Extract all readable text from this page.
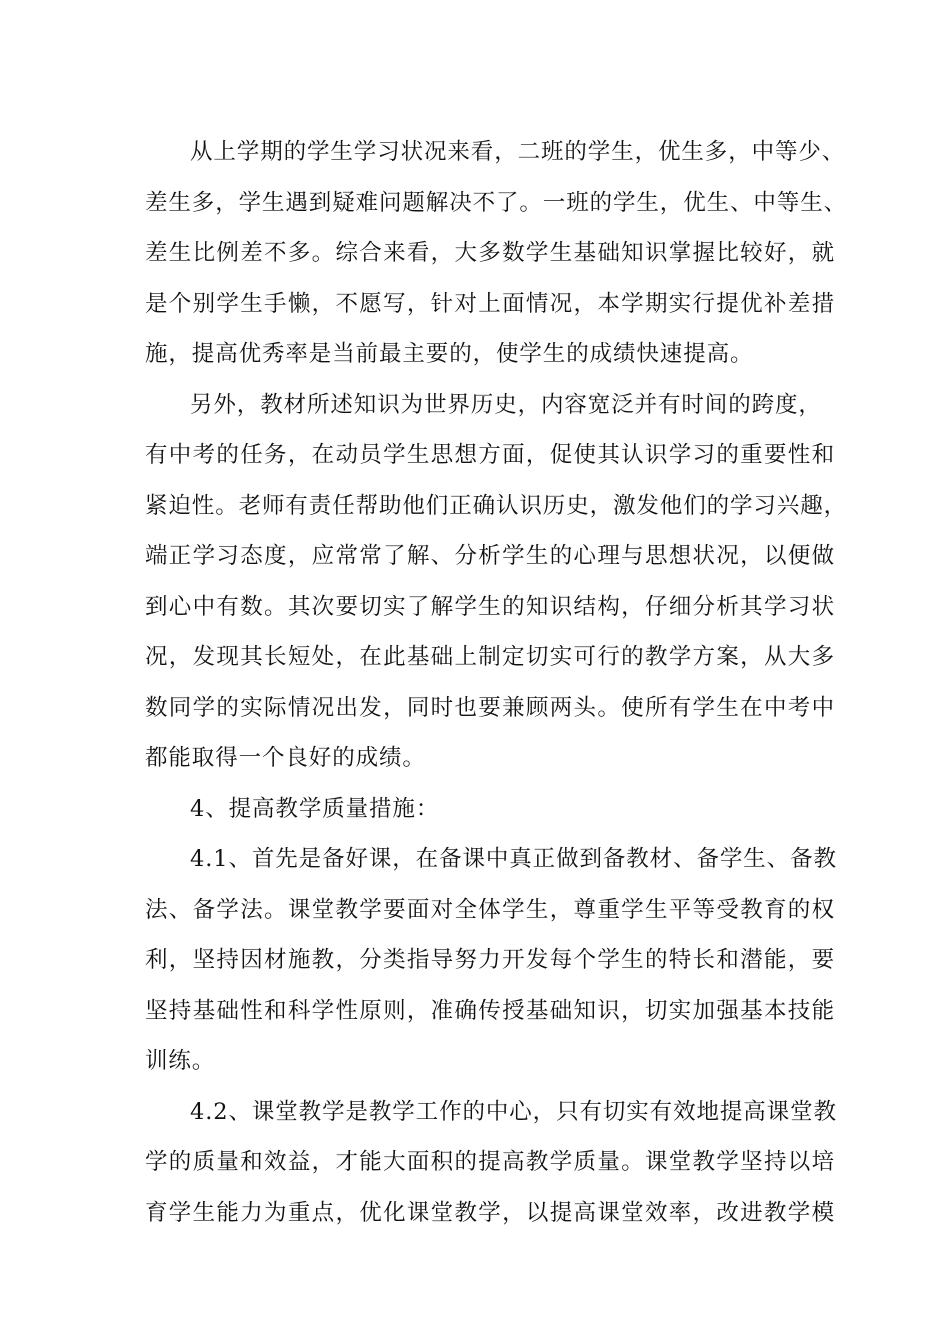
从上学期的学生学习状况来看，二班的学生，优生多，中等少、
差生多，学生遇到疑难问题解决不了。一班的学生，优生、中等生、
差生比例差不多。综合来看，大多数学生基础知识掌握比较好，就
是个别学生手懒，不愿写，针对上面情况，本学期实行提优补差措
施，提高优秀率是当前最主要的，使学生的成绩快速提高。
另外，教材所述知识为世界历史，内容宽泛并有时间的跨度，
有中考的任务，在动员学生思想方面，促使其认识学习的重要性和
紧迫性。老师有责任帮助他们正确认识历史，激发他们的学习兴趣，
端正学习态度，应常常了解、分析学生的心理与思想状况，以便做
到心中有数。其次要切实了解学生的知识结构，仔细分析其学习状
况，发现其长短处，在此基础上制定切实可行的教学方案，从大多
数同学的实际情况出发，同时也要兼顾两头。使所有学生在中考中
都能取得一个良好的成绩。
4、提高教学质量措施：
4.1、首先是备好课，在备课中真正做到备教材、备学生、备教
法、备学法。课堂教学要面对全体学生，尊重学生平等受教育的权
利，坚持因材施教，分类指导努力开发每个学生的特长和潜能，要
坚持基础性和科学性原则，准确传授基础知识，切实加强基本技能
训练。
4.2、课堂教学是教学工作的中心，只有切实有效地提高课堂教
学的质量和效益，才能大面积的提高教学质量。课堂教学坚持以培
育学生能力为重点，优化课堂教学，以提高课堂效率，改进教学模
